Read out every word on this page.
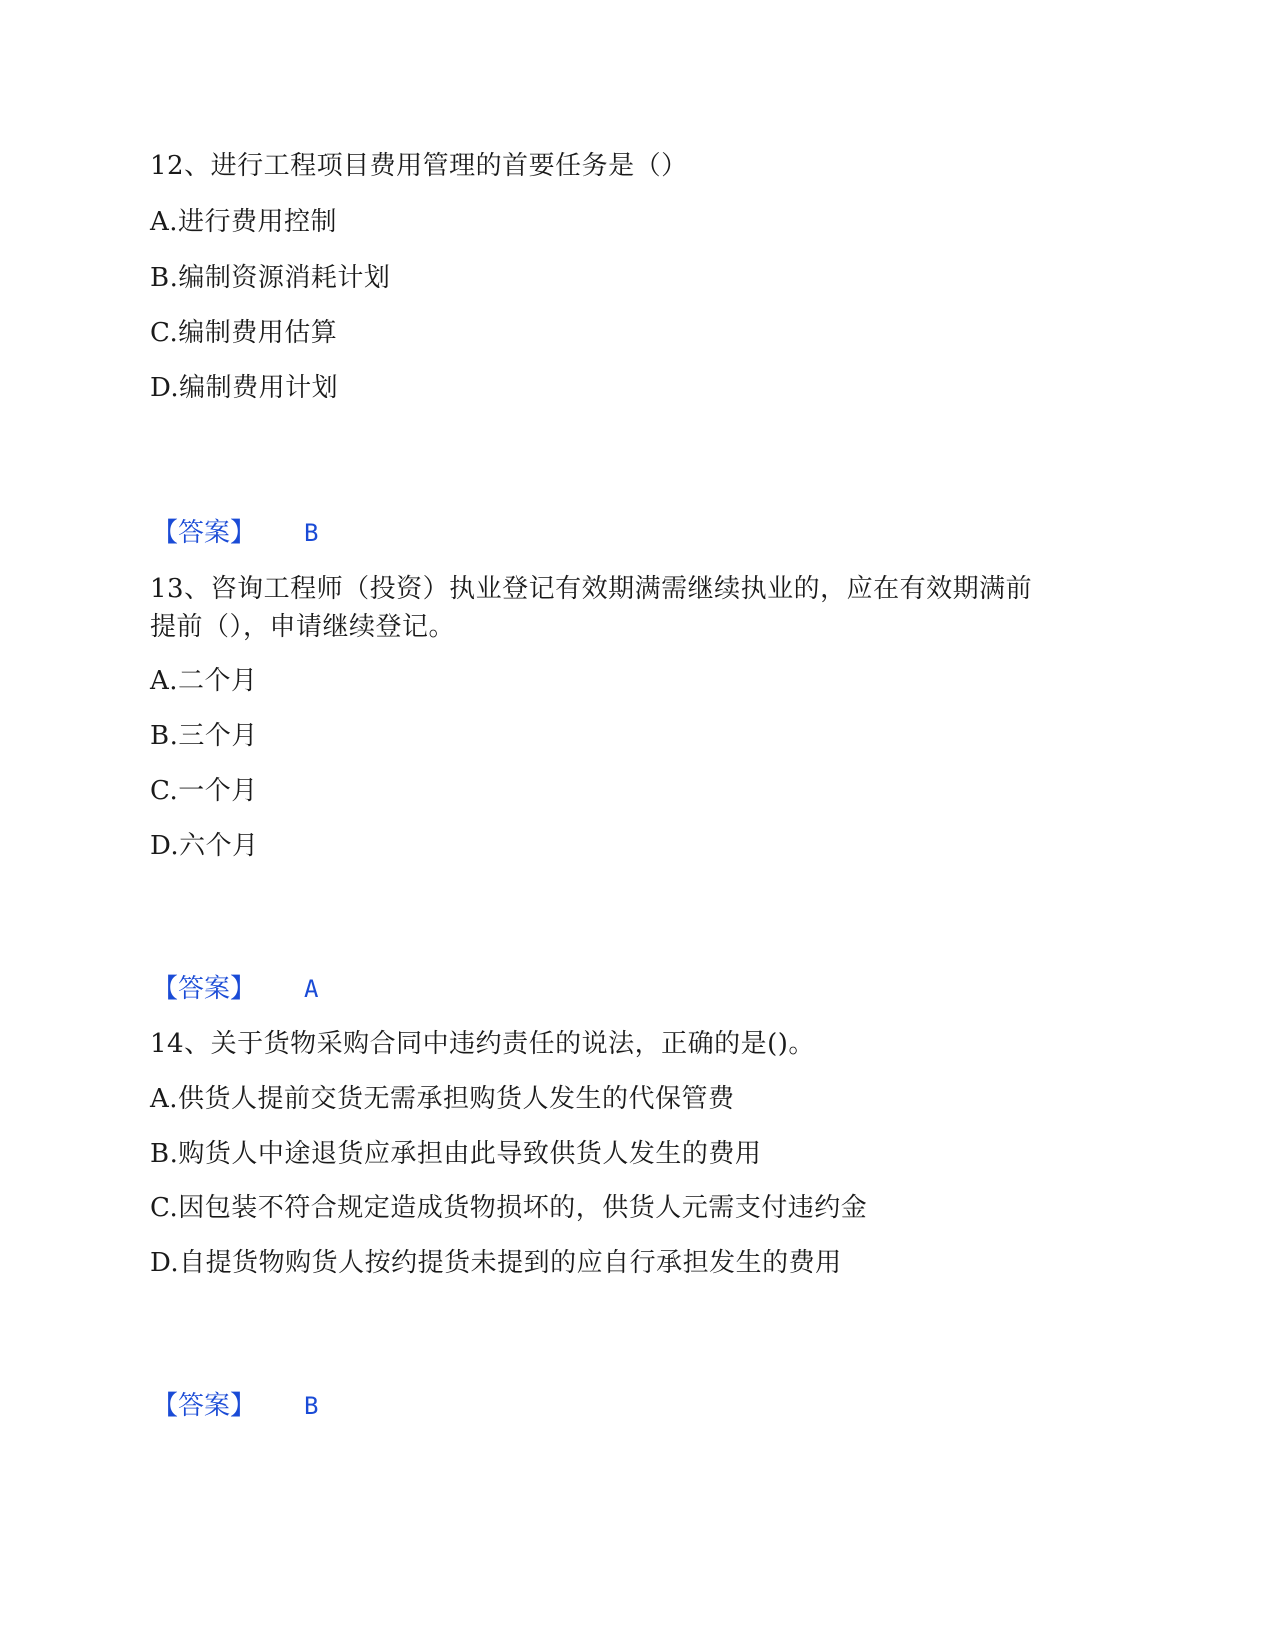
12、进行工程项目费用管理的首要任务是（）
A.进行费用控制
B.编制资源消耗计划
C.编制费用估算
D.编制费用计划
【答案】 B
13、咨询工程师（投资）执业登记有效期满需继续执业的，应在有效期满前
提前（），申请继续登记。
A.二个月
B.三个月
C.一个月
D.六个月
【答案】 A
14、关于货物采购合同中违约责任的说法，正确的是()。
A.供货人提前交货无需承担购货人发生的代保管费
B.购货人中途退货应承担由此导致供货人发生的费用
C.因包装不符合规定造成货物损坏的，供货人元需支付违约金
D.自提货物购货人按约提货未提到的应自行承担发生的费用
【答案】 B
